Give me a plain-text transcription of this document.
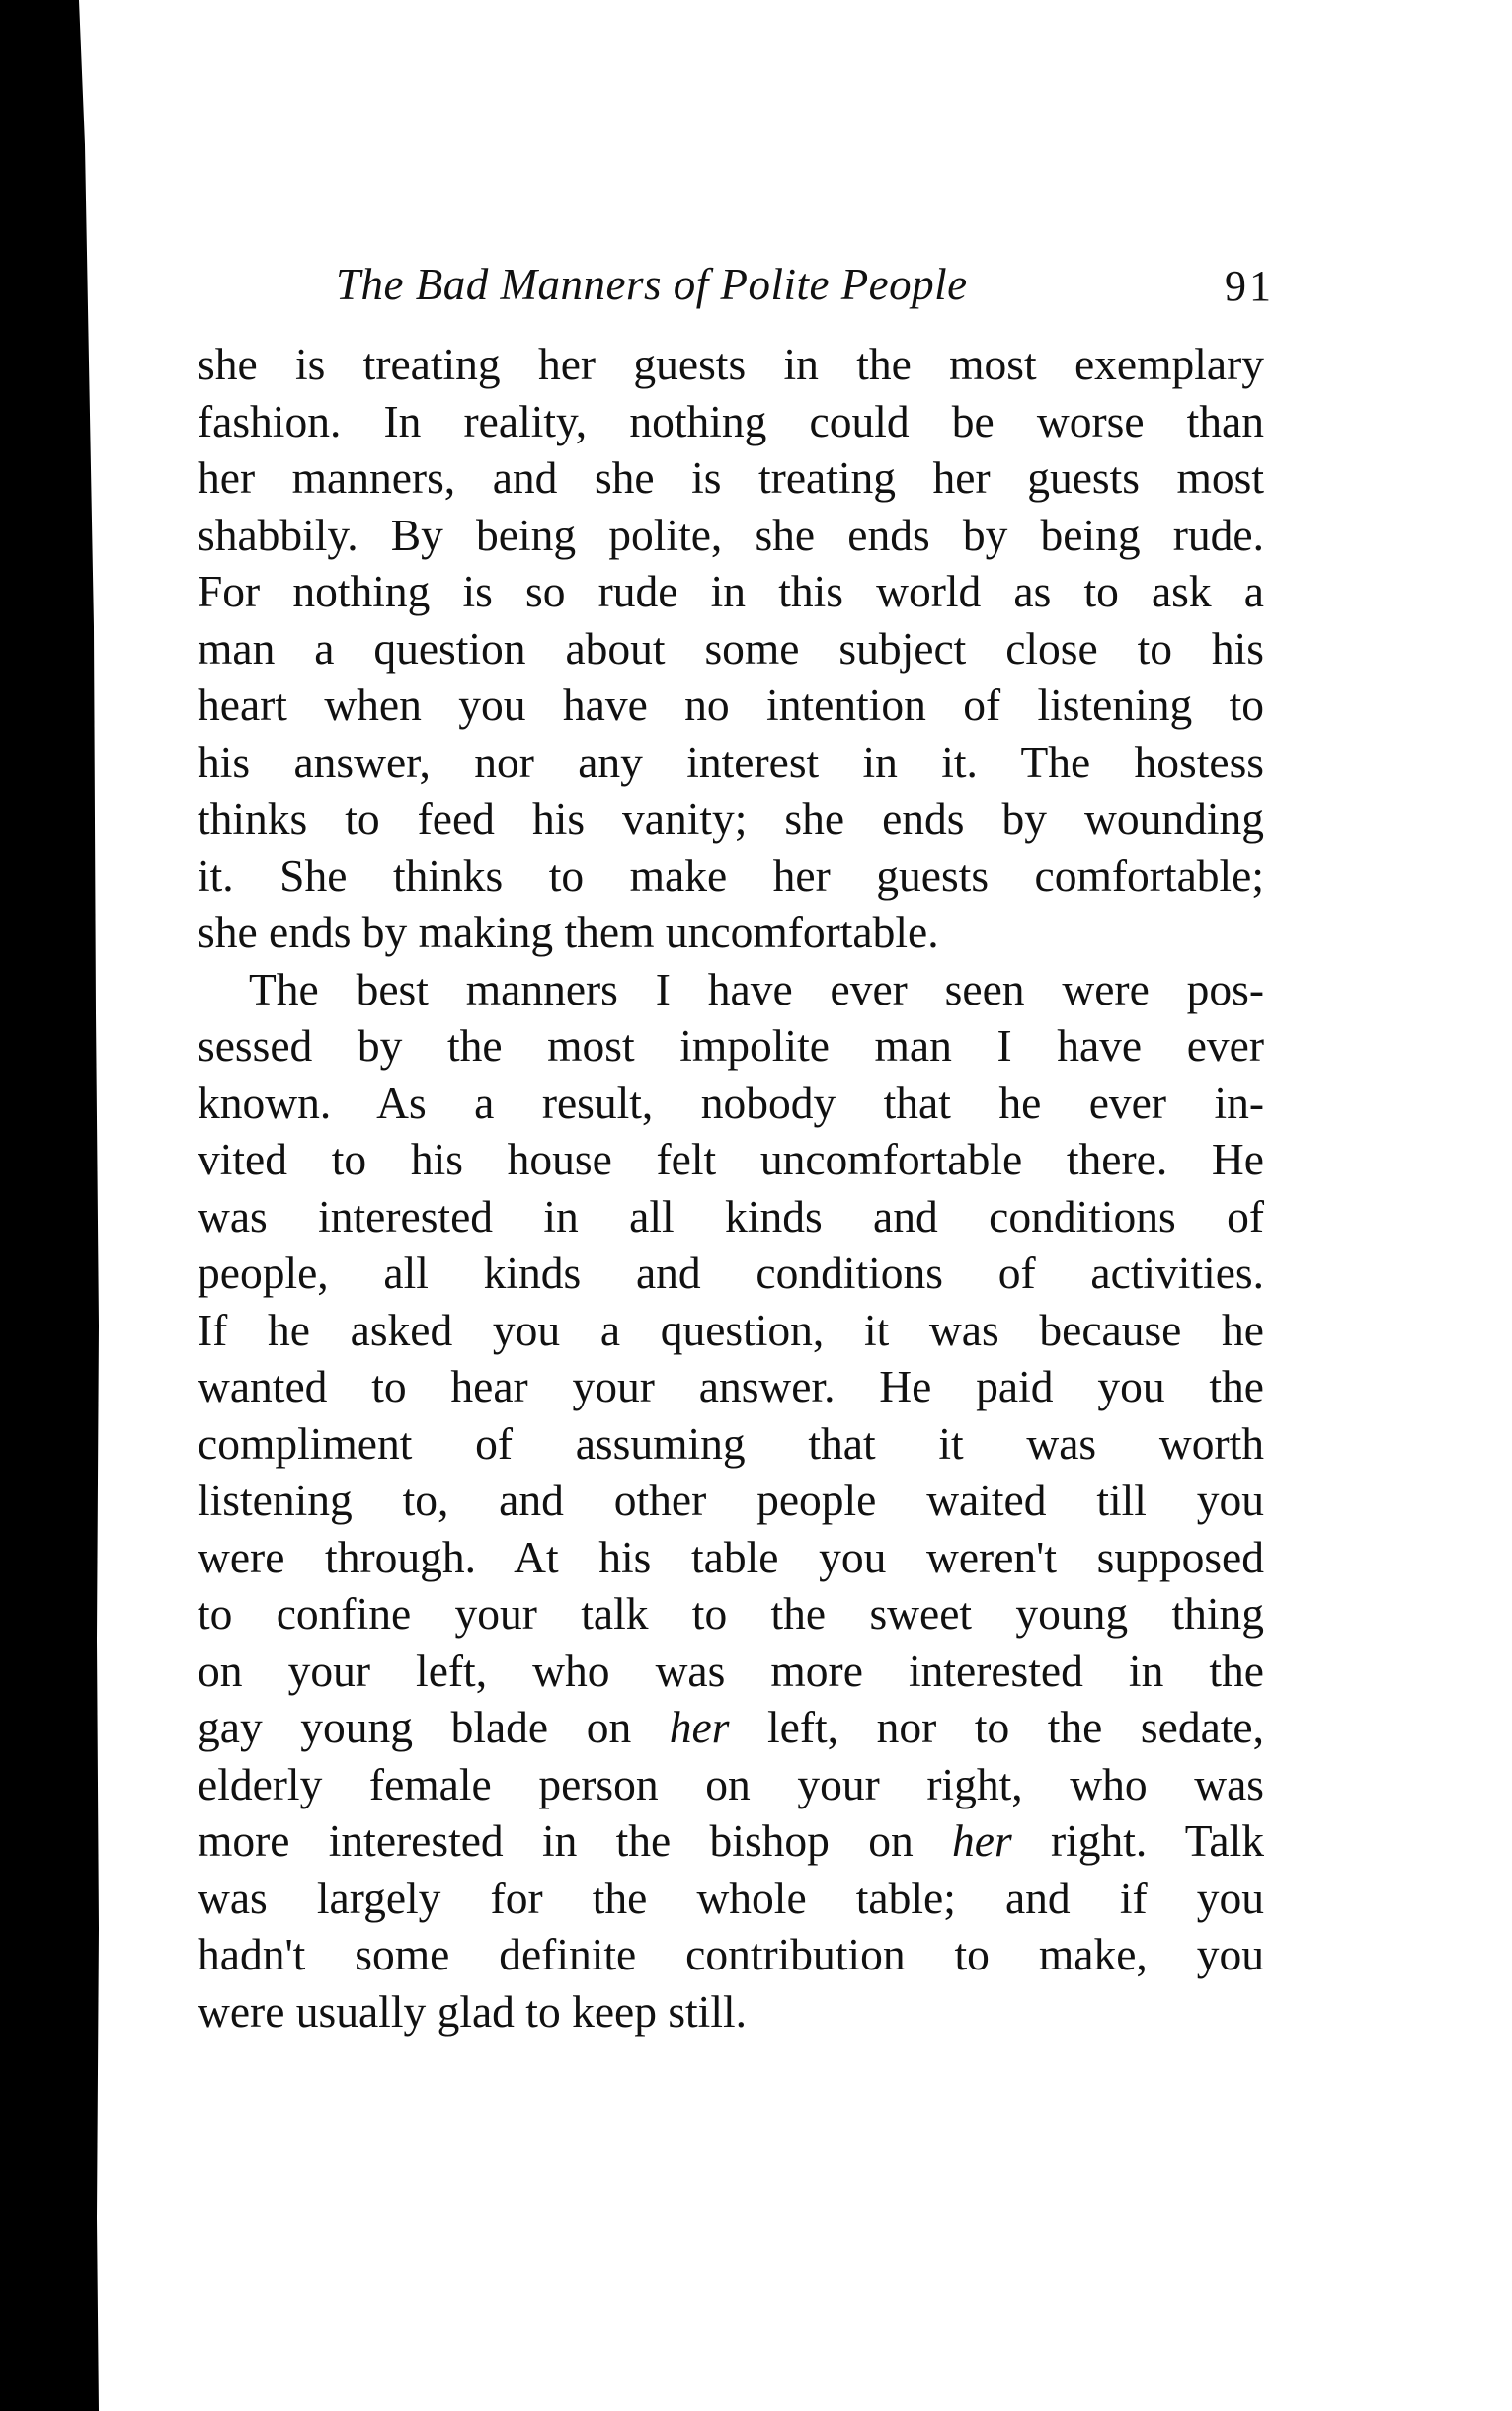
The Bad Manners of Polite People	91
she is treating her guests in the most exemplary
fashion. In reality, nothing could be worse than
her manners, and she is treating her guests most
shabbily. By being polite, she ends by being rude.
For nothing is so rude in this world as to ask a
man a question about some subject close to his
heart when you have no intention of listening to
his answer, nor any interest in it. The hostess
thinks to feed his vanity; she ends by wounding
it. She thinks to make her guests comfortable;
she ends by making them uncomfortable.
The best manners I have ever seen were pos-
sessed by the most impolite man I have ever
known. As a result, nobody that he ever in-
vited to his house felt uncomfortable there. He
was interested in all kinds and conditions of
people, all kinds and conditions of activities.
If he asked you a question, it was because he
wanted to hear your answer. He paid you the
compliment of assuming that it was worth
listening to, and other people waited till you
were through. At his table you weren't supposed
to confine your talk to the sweet young thing
on your left, who was more interested in the
gay young blade on her left, nor to the sedate,
elderly female person on your right, who was
more interested in the bishop on her right. Talk
was largely for the whole table; and if you
hadn't some definite contribution to make, you
were usually glad to keep still.
